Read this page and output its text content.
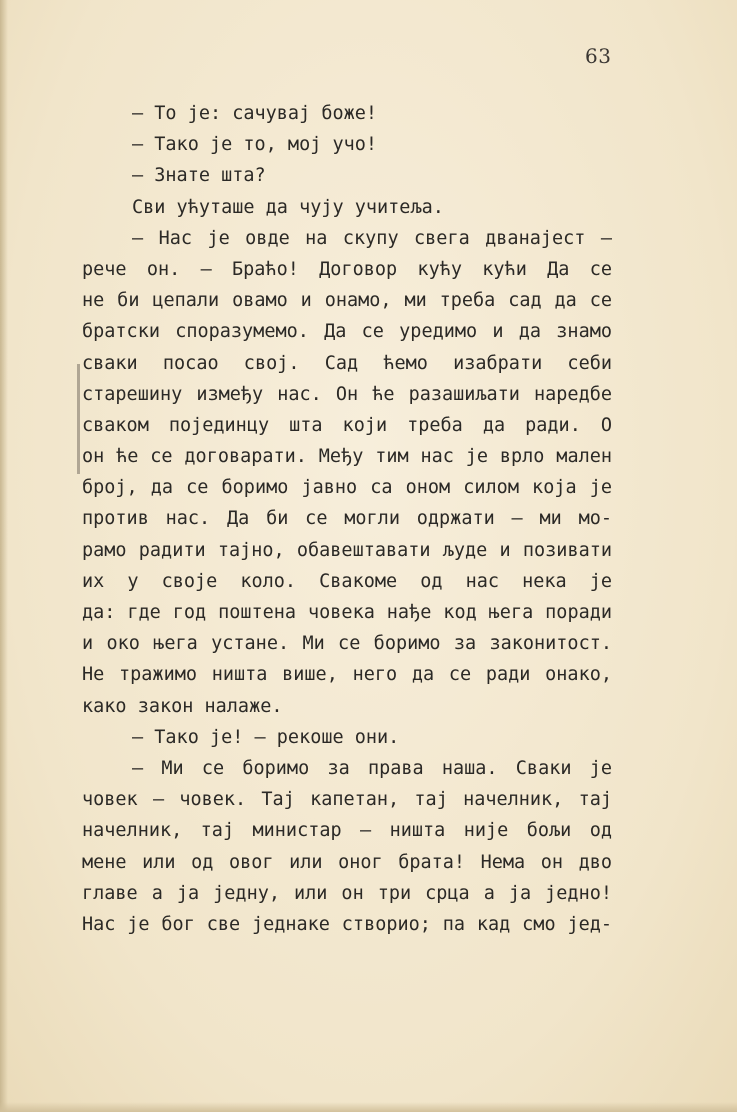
63
— То је: сачувај боже!
— Тако је то, мој учо!
— Знате шта?
Сви ућуташе да чују учитеља.
— Нас је овде на скупу свега дванајест —
рече он. — Браћо! Договор кућу кући Да се
не би цепали овамо и онамо, ми треба сад да се
братски споразумемо. Да се уредимо и да знамо
сваки посао свој. Сад ћемо изабрати себи
старешину између нас. Он ће разашиљати наредбе
сваком појединцу шта који треба да ради. О
он ће се договарати. Међу тим нас је врло мален
број, да се боримо јавно са оном силом која је
против нас. Да би се могли одржати — ми мо-
рамо радити тајно, обавештавати људе и позивати
их у своје коло. Свакоме од нас нека је
да: где год поштена човека нађе код њега поради
и око њега устане. Ми се боримо за законитост.
Не тражимо ништа више, него да се ради онако,
како закон налаже.
— Тако је! — рекоше они.
— Ми се боримо за права наша. Сваки је
човек — човек. Тај капетан, тај начелник, тај
начелник, тај министар — ништа није бољи од
мене или од овог или оног брата! Нема он дво
главе а ја једну, или он три срца а ја једно!
Нас је бог све једнаке створио; па кад смо јед-
